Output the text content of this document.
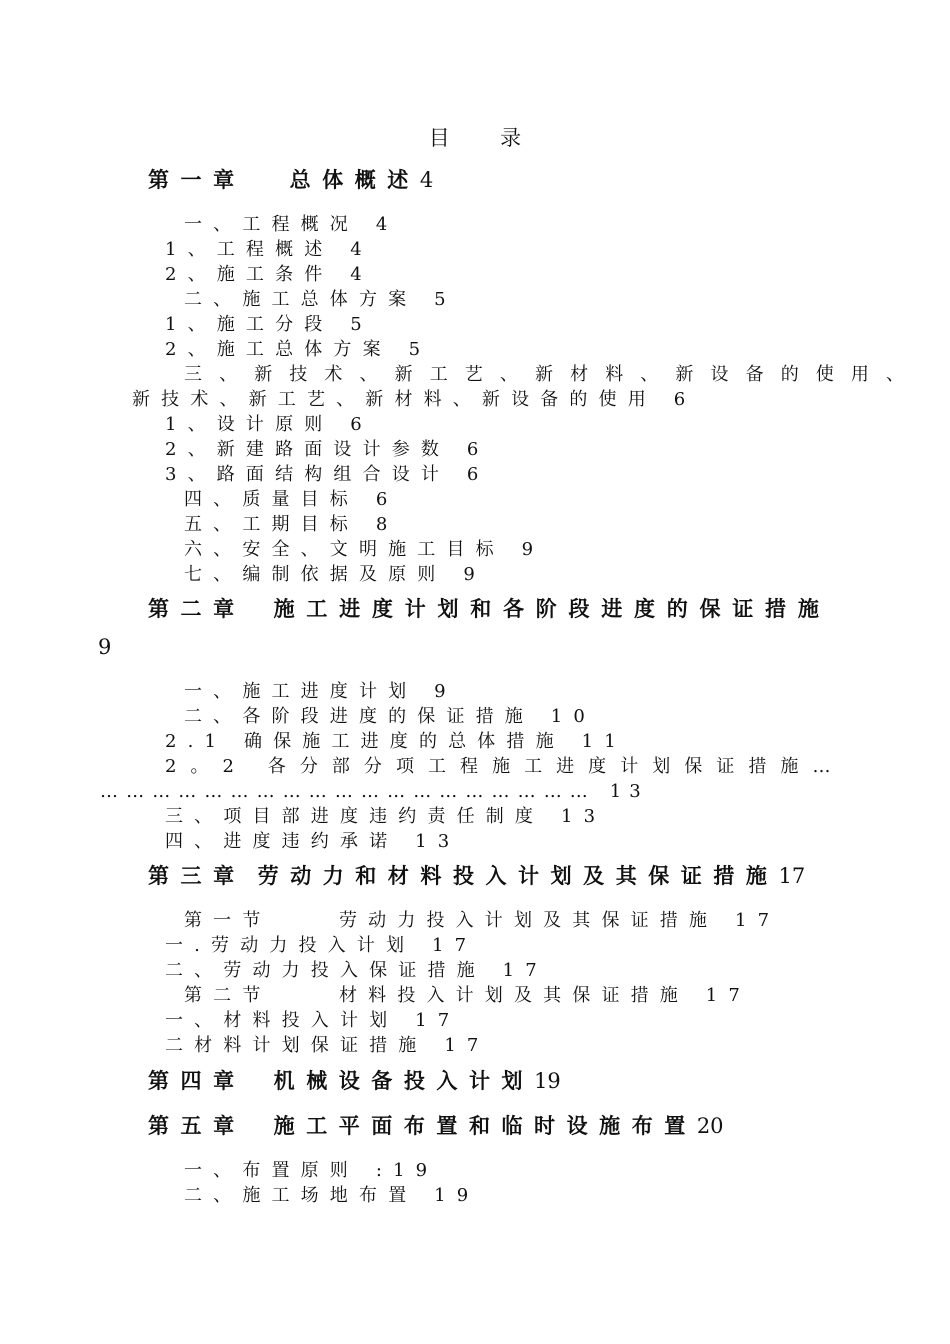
目录
第一章 总体概述4
一、工程概况 4
1、工程概述 4
2、施工条件 4
二、施工总体方案 5
1、施工分段 5
2、施工总体方案 5
三、新技术、新工艺、新材料、新设备的使用、
新技术、新工艺、新材料、新设备的使用 6
1、设计原则 6
2、新建路面设计参数 6
3、路面结构组合设计 6
四、质量目标 6
五、工期目标 8
六、安全、文明施工目标 9
七、编制依据及原则 9
第二章 施工进度计划和各阶段进度的保证措施
9
一、施工进度计划 9
二、各阶段进度的保证措施 10
2.1 确保施工进度的总体措施 11
2。2 各分部分项工程施工进度计划保证措施…
………………………………………………… 13
三、项目部进度违约责任制度 13
四、进度违约承诺 13
第三章 劳动力和材料投入计划及其保证措施17
第一节    劳动力投入计划及其保证措施 17
一.劳动力投入计划 17
二、劳动力投入保证措施 17
第二节    材料投入计划及其保证措施 17
一、材料投入计划 17
二材料计划保证措施 17
第四章 机械设备投入计划19
第五章 施工平面布置和临时设施布置20
一、布置原则 :19
二、施工场地布置 19
